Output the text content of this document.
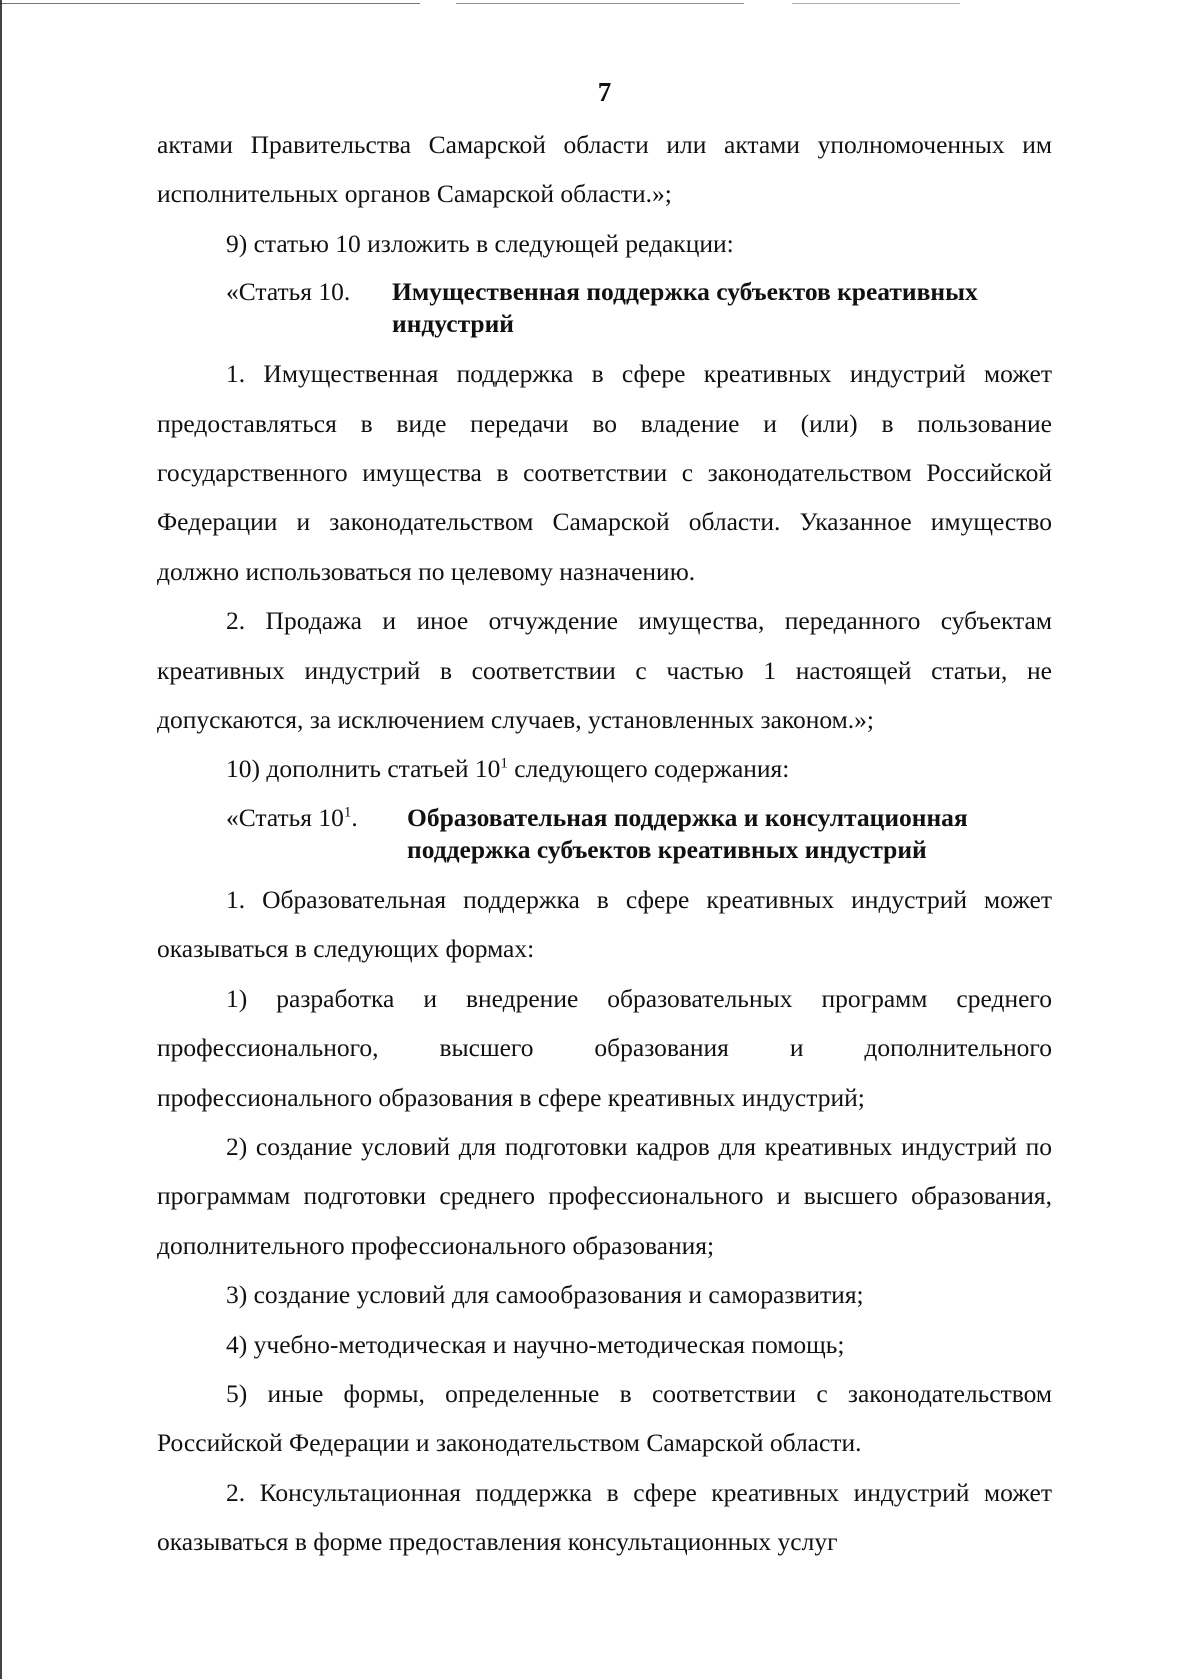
7

актами Правительства Самарской области или актами уполномоченных им исполнительных органов Самарской области.»;

9) статью 10 изложить в следующей редакции:

«Статья 10.	Имущественная поддержка субъектов креативных индустрий

1. Имущественная поддержка в сфере креативных индустрий может предоставляться в виде передачи во владение и (или) в пользование государственного имущества в соответствии с законодательством Российской Федерации и законодательством Самарской области. Указанное имущество должно использоваться по целевому назначению.

2. Продажа и иное отчуждение имущества, переданного субъектам креативных индустрий в соответствии с частью 1 настоящей статьи, не допускаются, за исключением случаев, установленных законом.»;

10) дополнить статьей $10^1$ следующего содержания:

«Статья $10^1$.	Образовательная поддержка и консултационная поддержка субъектов креативных индустрий

1. Образовательная поддержка в сфере креативных индустрий может оказываться в следующих формах:

1) разработка и внедрение образовательных программ среднего профессионального, высшего образования и дополнительного профессионального образования в сфере креативных индустрий;

2) создание условий для подготовки кадров для креативных индустрий по программам подготовки среднего профессионального и высшего образования, дополнительного профессионального образования;

3) создание условий для самообразования и саморазвития;

4) учебно-методическая и научно-методическая помощь;

5) иные формы, определенные в соответствии с законодательством Российской Федерации и законодательством Самарской области.

2. Консультационная поддержка в сфере креативных индустрий может оказываться в форме предоставления консультационных услуг
